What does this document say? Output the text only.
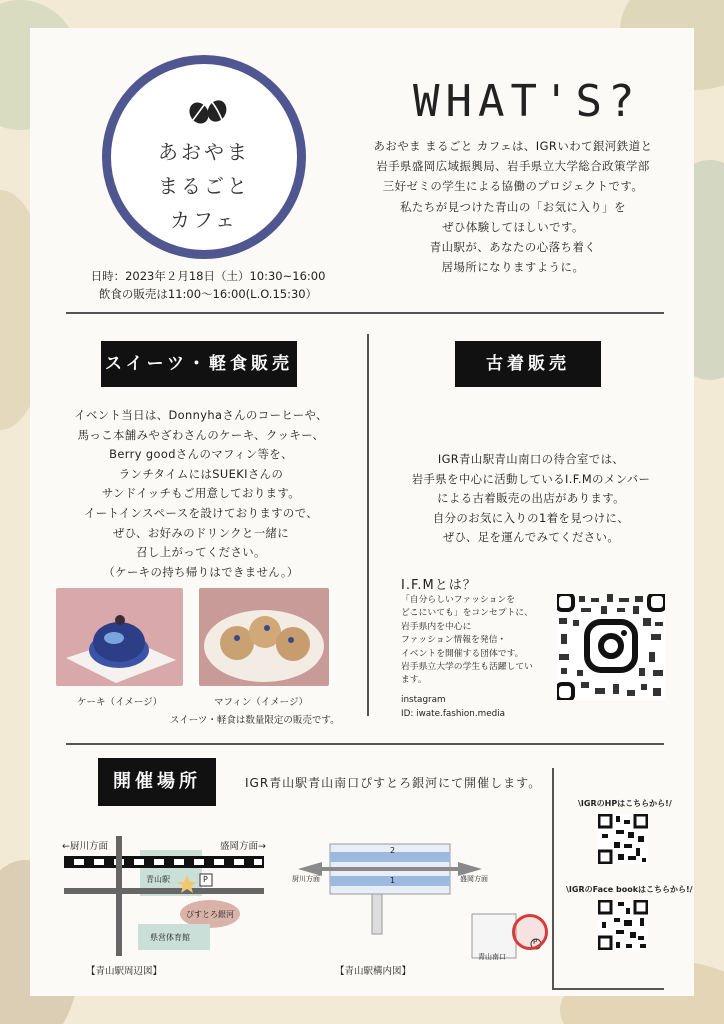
あおやま
まるごと
カフェ
日時：2023年２月18日（土）10:30~16:00
飲食の販売は11:00～16:00(L.O.15:30）
WHAT'S?
あおやま まるごと カフェは、IGRいわて銀河鉄道と
岩手県盛岡広域振興局、岩手県立大学総合政策学部
三好ゼミの学生による協働のプロジェクトです。
私たちが見つけた青山の「お気に入り」を
ぜひ体験してほしいです。
青山駅が、あなたの心落ち着く
居場所になりますように。
スイーツ・軽食販売
イベント当日は、Donnyhaさんのコーヒーや、
馬っこ本舗みやざわさんのケーキ、クッキー、
Berry goodさんのマフィン等を、
ランチタイムにはSUEKIさんの
サンドイッチもご用意しております。
イートインスペースを設けておりますので、
ぜひ、お好みのドリンクと一緒に
召し上がってください。
（ケーキの持ち帰りはできません。）
ケーキ（イメージ）	マフィン（イメージ）
スイーツ・軽食は数量限定の販売です。
古着販売
IGR青山駅青山南口の待合室では、
岩手県を中心に活動しているI.F.Mのメンバー
による古着販売の出店があります。
自分のお気に入りの1着を見つけに、
ぜひ、足を運んでみてください。
I.F.Mとは？
「自分らしいファッションを
どこにいても」をコンセプトに、
岩手県内を中心に
ファッション情報を発信・
イベントを開催する団体です。
岩手県立大学の学生も活躍してい
ます。
instagram
ID: iwate.fashion.media
開催場所	IGR青山駅青山南口ぴすとろ銀河にて開催します。
←厨川方面	盛岡方面→
青山駅	P
ぴすとろ銀河
県営体育館
【青山駅周辺図】
厨川方面	盛岡方面
2
1
青山南口
P
【青山駅構内図】
\IGRのHPはこちらから!/
\IGRのFace bookはこちらから!/
